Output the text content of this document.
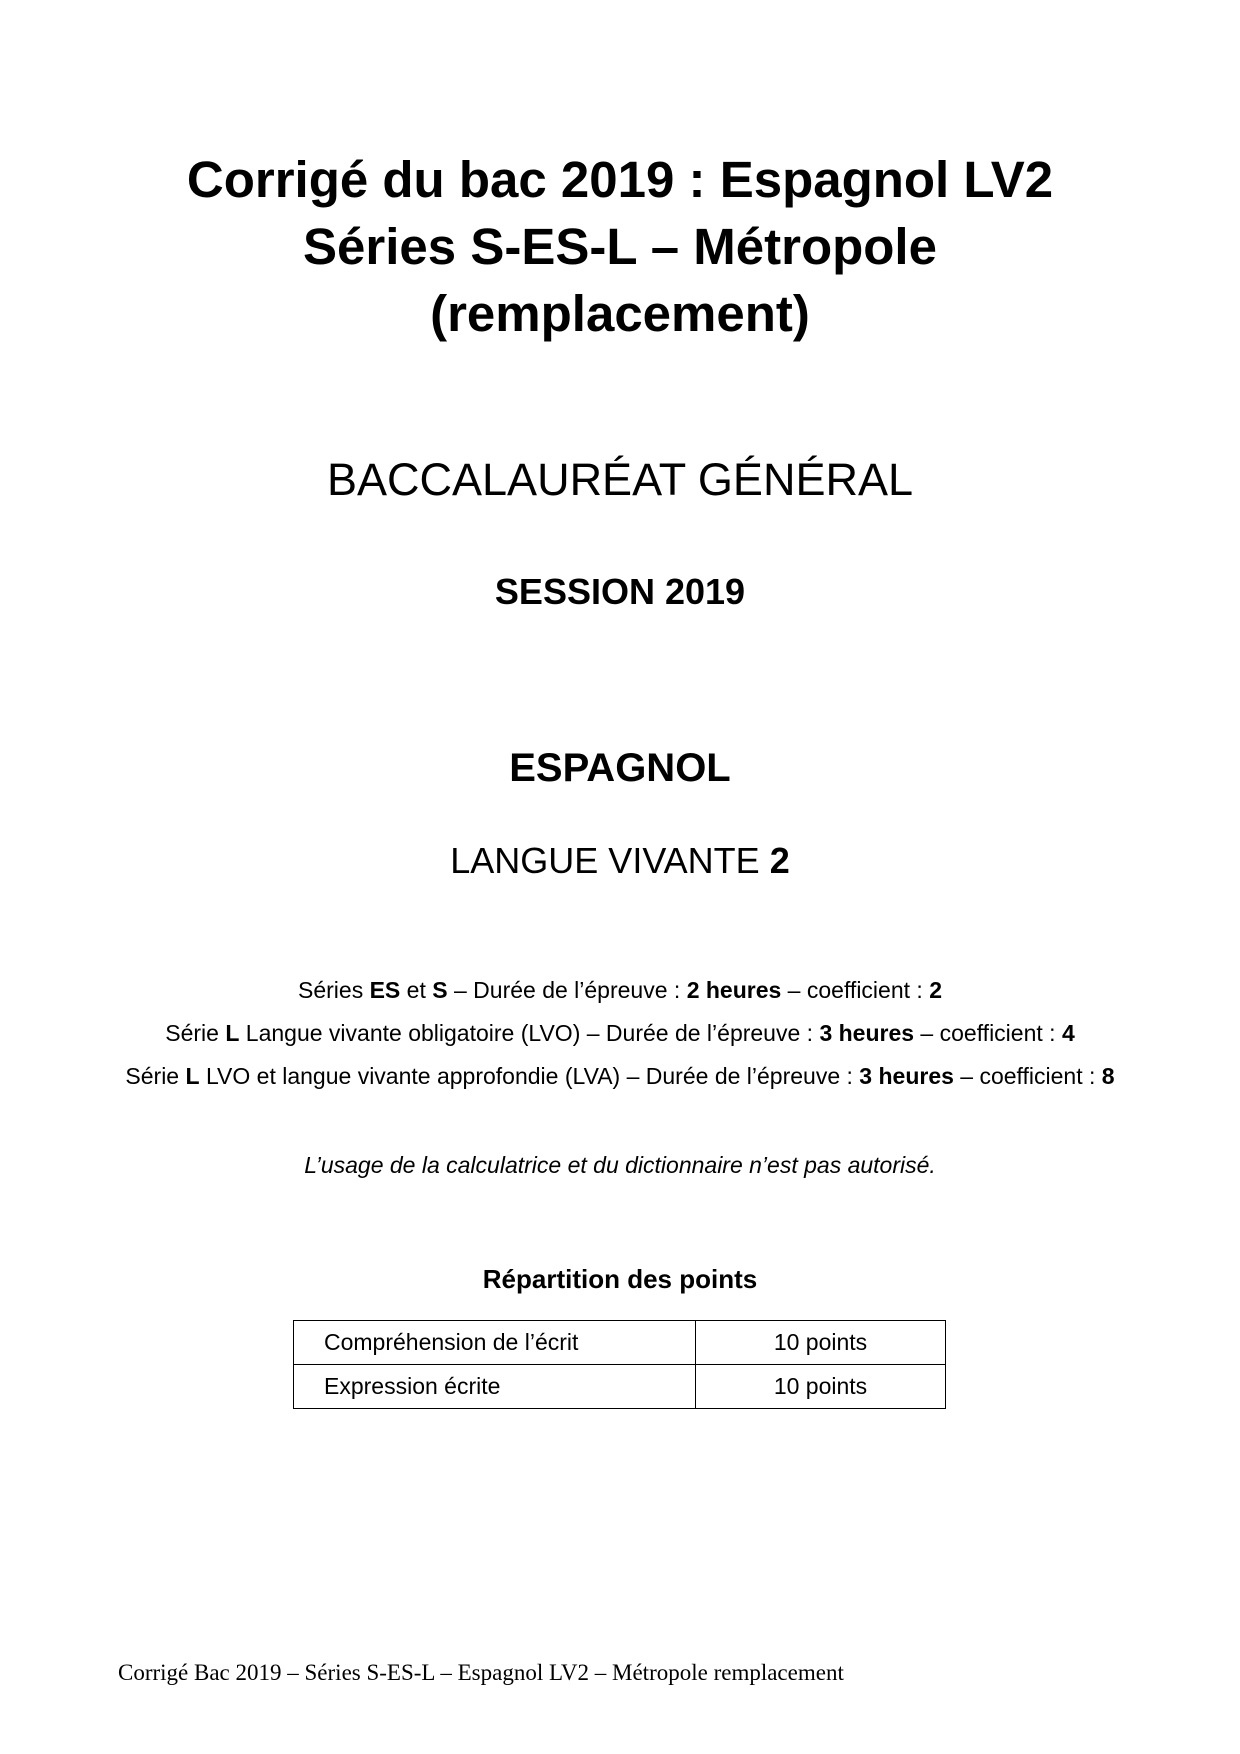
Corrigé du bac 2019 : Espagnol LV2
Séries S-ES-L – Métropole
(remplacement)
BACCALAURÉAT GÉNÉRAL
SESSION 2019
ESPAGNOL
LANGUE VIVANTE 2
Séries ES et S – Durée de l’épreuve : 2 heures – coefficient : 2
Série L Langue vivante obligatoire (LVO) – Durée de l’épreuve : 3 heures – coefficient : 4
Série L LVO et langue vivante approfondie (LVA) – Durée de l’épreuve : 3 heures – coefficient : 8
L’usage de la calculatrice et du dictionnaire n’est pas autorisé.
Répartition des points
Compréhension de l’écrit	10 points
Expression écrite	10 points
Corrigé Bac 2019 – Séries S-ES-L – Espagnol LV2 – Métropole remplacement
